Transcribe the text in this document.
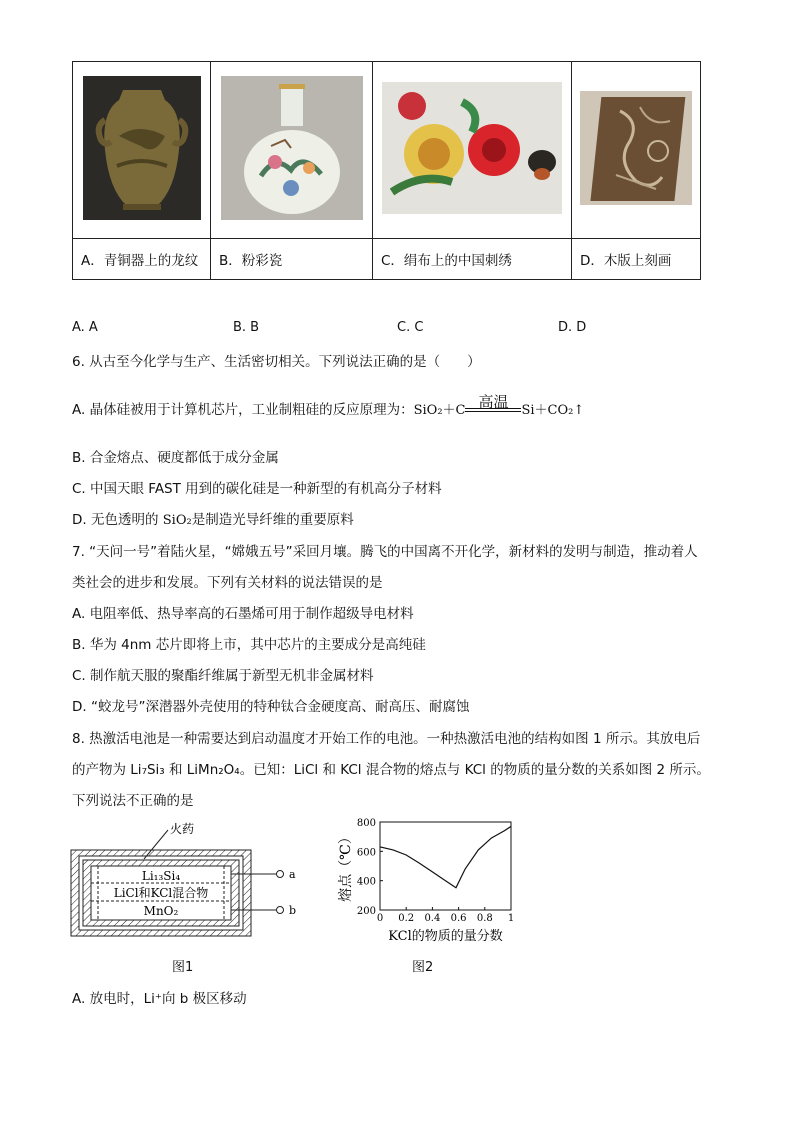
A．青铜器上的龙纹	B．粉彩瓷	C．绢布上的中国刺绣	D．木版上刻画
A. A	B. B	C. C	D. D
6. 从古至今化学与生产、生活密切相关。下列说法正确的是（　　）
A. 晶体硅被用于计算机芯片，工业制粗硅的反应原理为：SiO₂＋C 高温	Si＋CO₂↑
B. 合金熔点、硬度都低于成分金属
C. 中国天眼 FAST 用到的碳化硅是一种新型的有机高分子材料
D. 无色透明的 SiO₂是制造光导纤维的重要原料
7. “天问一号”着陆火星，“嫦娥五号”采回月壤。腾飞的中国离不开化学，新材料的发明与制造，推动着人
类社会的进步和发展。下列有关材料的说法错误的是
A. 电阻率低、热导率高的石墨烯可用于制作超级导电材料
B. 华为 4nm 芯片即将上市，其中芯片的主要成分是高纯硅
C. 制作航天服的聚酯纤维属于新型无机非金属材料
D. “蛟龙号”深潜器外壳使用的特种钛合金硬度高、耐高压、耐腐蚀
8. 热激活电池是一种需要达到启动温度才开始工作的电池。一种热激活电池的结构如图 1 所示。其放电后
的产物为 Li₇Si₃ 和 LiMn₂O₄。已知：LiCl 和 KCl 混合物的熔点与 KCl 的物质的量分数的关系如图 2 所示。
下列说法不正确的是
Li₁₃Si₄
LiCl和KCl混合物
MnO₂
火药
a
b
图1
0 0.2 0.4 0.6 0.8 1
200
400
600
800
熔点（℃）
KCl的物质的量分数
图2
A. 放电时，Li⁺向 b 极区移动
